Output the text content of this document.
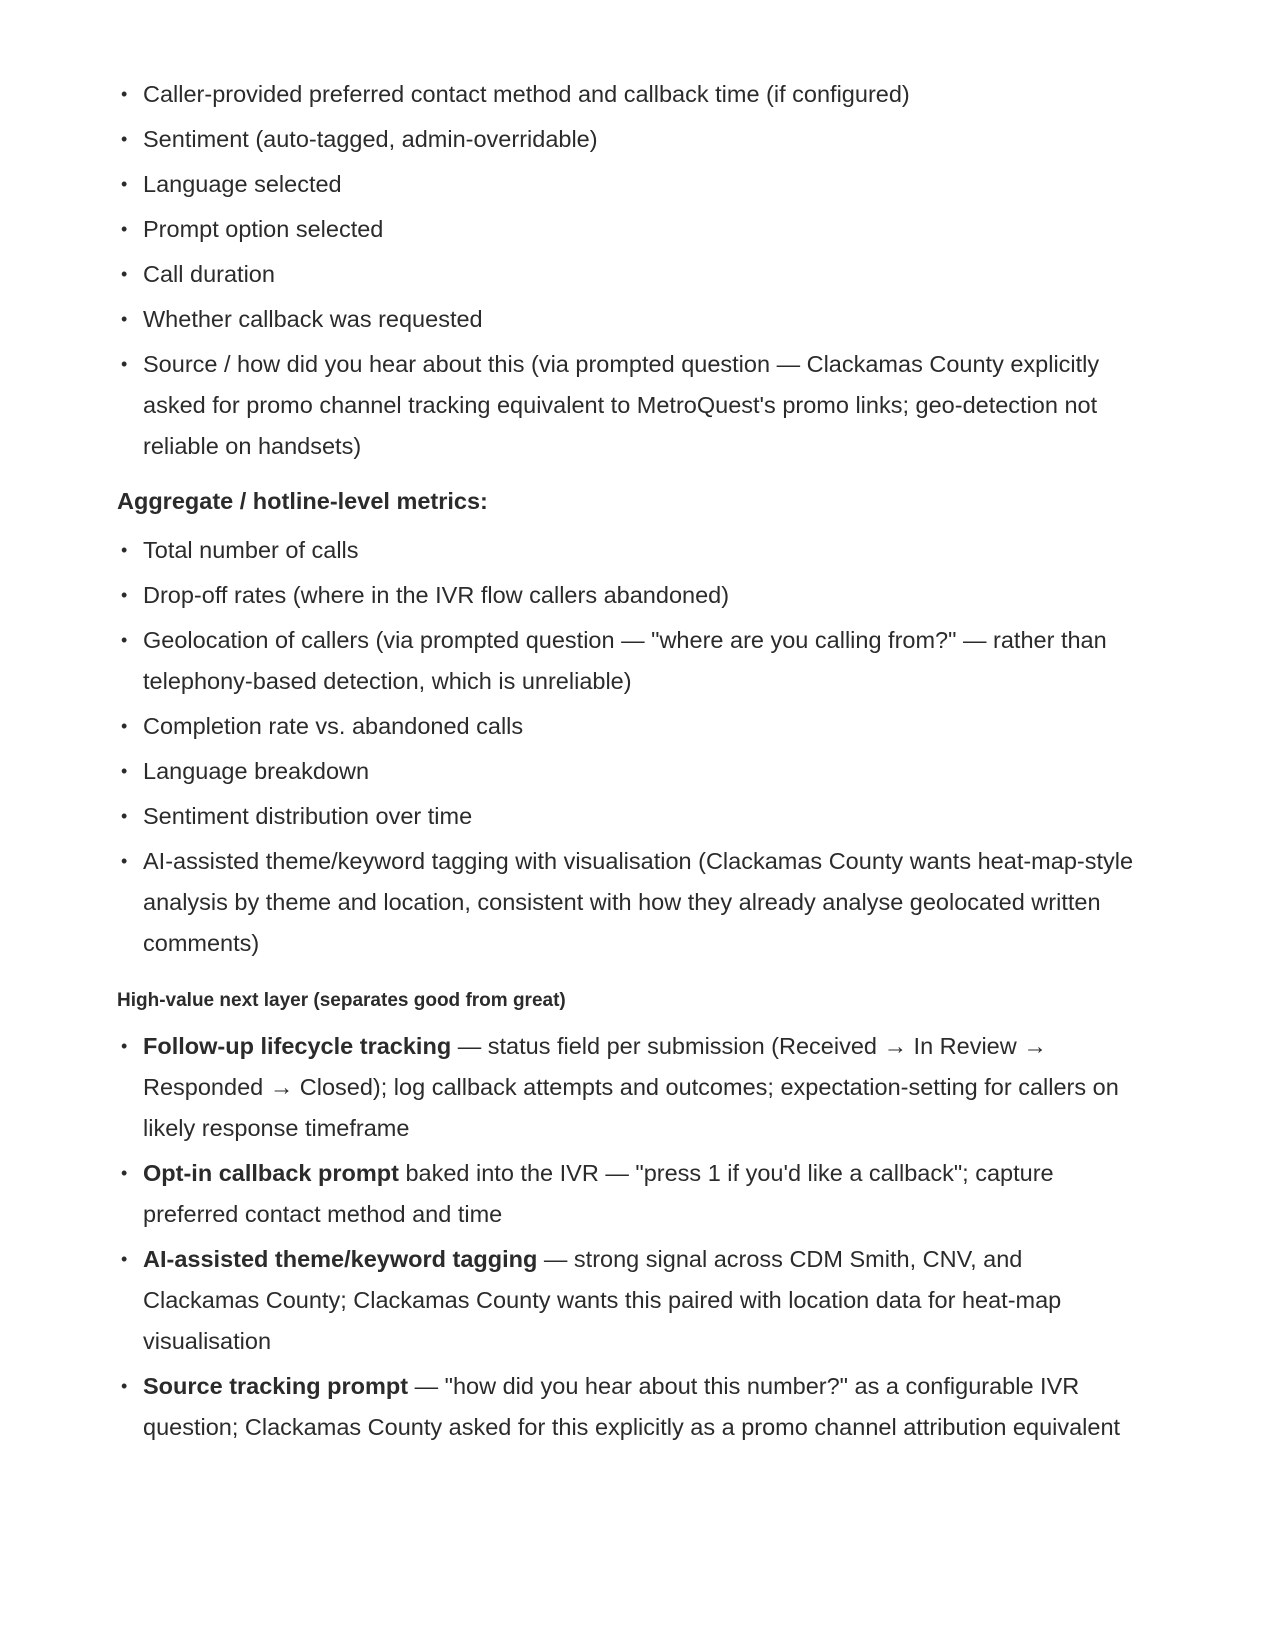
• Caller-provided preferred contact method and callback time (if configured)
• Sentiment (auto-tagged, admin-overridable)
• Language selected
• Prompt option selected
• Call duration
• Whether callback was requested
• Source / how did you hear about this (via prompted question — Clackamas County explicitly asked for promo channel tracking equivalent to MetroQuest's promo links; geo-detection not reliable on handsets)
Aggregate / hotline-level metrics:
• Total number of calls
• Drop-off rates (where in the IVR flow callers abandoned)
• Geolocation of callers (via prompted question — "where are you calling from?" — rather than telephony-based detection, which is unreliable)
• Completion rate vs. abandoned calls
• Language breakdown
• Sentiment distribution over time
• AI-assisted theme/keyword tagging with visualisation (Clackamas County wants heat-map-style analysis by theme and location, consistent with how they already analyse geolocated written comments)
High-value next layer (separates good from great)
• Follow-up lifecycle tracking — status field per submission (Received → In Review → Responded → Closed); log callback attempts and outcomes; expectation-setting for callers on likely response timeframe
• Opt-in callback prompt baked into the IVR — "press 1 if you'd like a callback"; capture preferred contact method and time
• AI-assisted theme/keyword tagging — strong signal across CDM Smith, CNV, and Clackamas County; Clackamas County wants this paired with location data for heat-map visualisation
• Source tracking prompt — "how did you hear about this number?" as a configurable IVR question; Clackamas County asked for this explicitly as a promo channel attribution equivalent
